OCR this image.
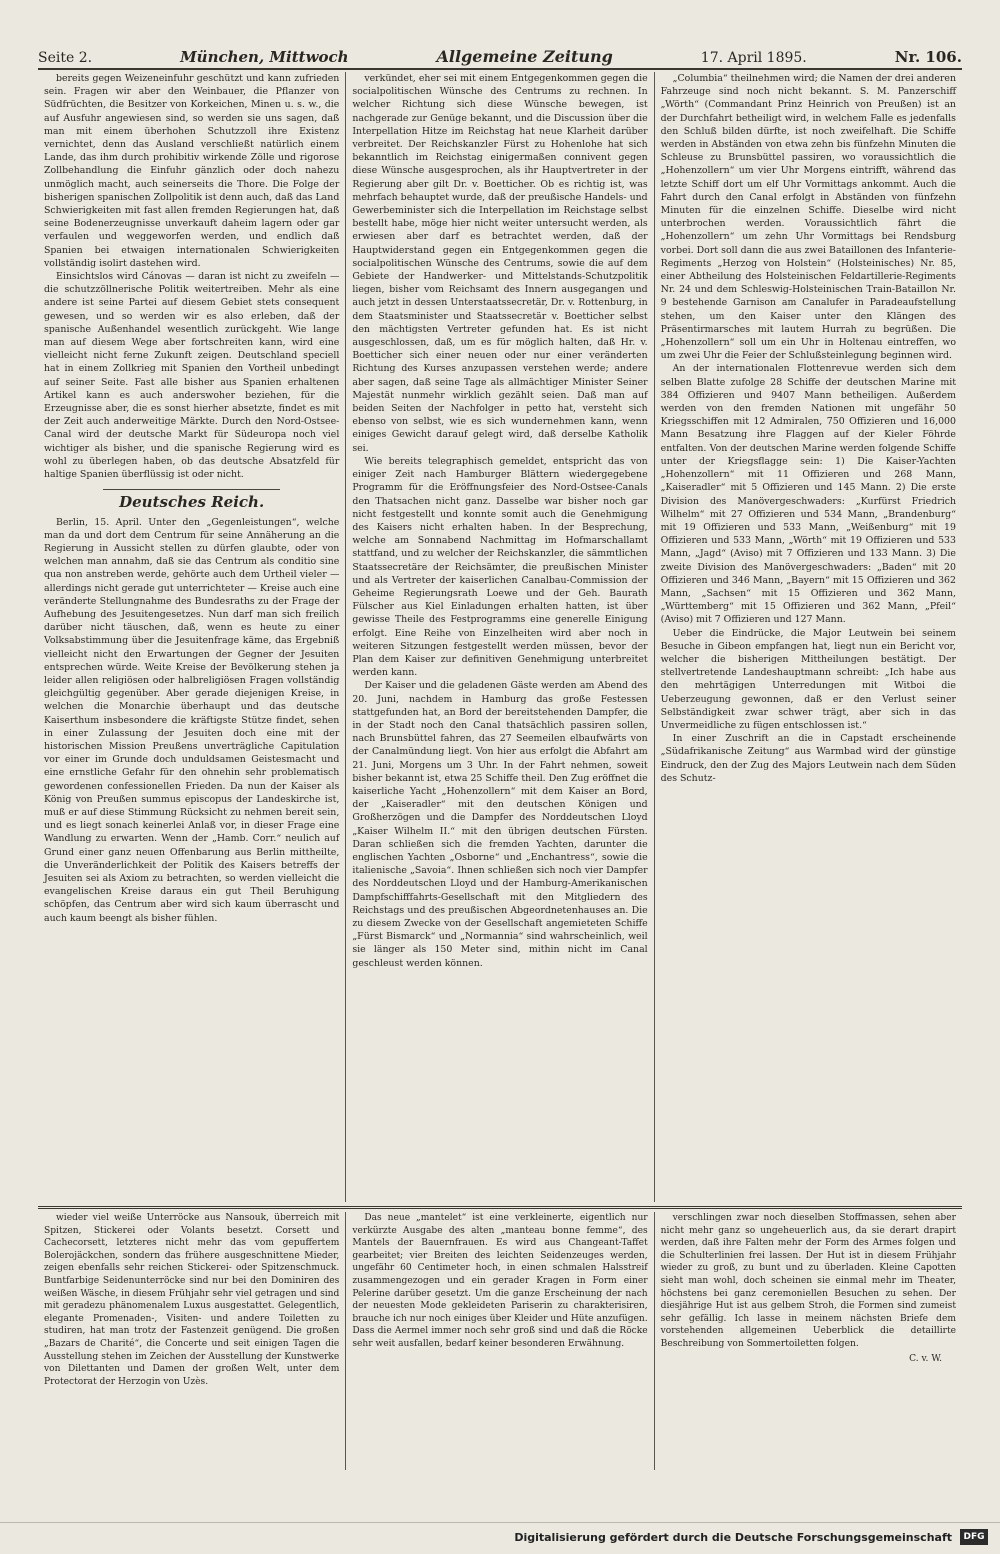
Seite 2.	München, Mittwoch	Allgemeine Zeitung	17. April 1895.	Nr. 106.

bereits gegen Weizeneinfuhr geschützt und kann zufrieden sein. Fragen wir aber den Weinbauer, die Pflanzer von Südfrüchten, die Besitzer von Korkeichen, Minen u. s. w., die auf Ausfuhr angewiesen sind, so werden sie uns sagen, daß man mit einem überhohen Schutzzoll ihre Existenz vernichtet, denn das Ausland verschließt natürlich einem Lande, das ihm durch prohibitiv wirkende Zölle und rigorose Zollbehandlung die Einfuhr gänzlich oder doch nahezu unmöglich macht, auch seinerseits die Thore. Die Folge der bisherigen spanischen Zollpolitik ist denn auch, daß das Land Schwierigkeiten mit fast allen fremden Regierungen hat, daß seine Bodenerzeugnisse unverkauft daheim lagern oder gar verfaulen und weggeworfen werden, und endlich daß Spanien bei etwaigen internationalen Schwierigkeiten vollständig isolirt dastehen wird.

Einsichtslos wird Cánovas — daran ist nicht zu zweifeln — die schutzzöllnerische Politik weitertreiben. Mehr als eine andere ist seine Partei auf diesem Gebiet stets consequent gewesen, und so werden wir es also erleben, daß der spanische Außenhandel wesentlich zurückgeht. Wie lange man auf diesem Wege aber fortschreiten kann, wird eine vielleicht nicht ferne Zukunft zeigen. Deutschland speciell hat in einem Zollkrieg mit Spanien den Vortheil unbedingt auf seiner Seite. Fast alle bisher aus Spanien erhaltenen Artikel kann es auch anderswoher beziehen, für die Erzeugnisse aber, die es sonst hierher absetzte, findet es mit der Zeit auch anderweitige Märkte. Durch den Nord-Ostsee-Canal wird der deutsche Markt für Südeuropa noch viel wichtiger als bisher, und die spanische Regierung wird es wohl zu überlegen haben, ob das deutsche Absatzfeld für haltige Spanien überflüssig ist oder nicht.

Deutsches Reich.

Berlin, 15. April. Unter den „Gegenleistungen“, welche man da und dort dem Centrum für seine Annäherung an die Regierung in Aussicht stellen zu dürfen glaubte, oder von welchen man annahm, daß sie das Centrum als conditio sine qua non anstreben werde, gehörte auch dem Urtheil vieler — allerdings nicht gerade gut unterrichteter — Kreise auch eine veränderte Stellungnahme des Bundesraths zu der Frage der Aufhebung des Jesuitengesetzes. Nun darf man sich freilich darüber nicht täuschen, daß, wenn es heute zu einer Volksabstimmung über die Jesuitenfrage käme, das Ergebniß vielleicht nicht den Erwartungen der Gegner der Jesuiten entsprechen würde. Weite Kreise der Bevölkerung stehen ja leider allen religiösen oder halbreligiösen Fragen vollständig gleichgültig gegenüber. Aber gerade diejenigen Kreise, in welchen die Monarchie überhaupt und das deutsche Kaiserthum insbesondere die kräftigste Stütze findet, sehen in einer Zulassung der Jesuiten doch eine mit der historischen Mission Preußens unverträgliche Capitulation vor einer im Grunde doch unduldsamen Geistesmacht und eine ernstliche Gefahr für den ohnehin sehr problematisch gewordenen confessionellen Frieden. Da nun der Kaiser als König von Preußen summus episcopus der Landeskirche ist, muß er auf diese Stimmung Rücksicht zu nehmen bereit sein, und es liegt sonach keinerlei Anlaß vor, in dieser Frage eine Wandlung zu erwarten. Wenn der „Hamb. Corr.“ neulich auf Grund einer ganz neuen Offenbarung aus Berlin mittheilte, die Unveränderlichkeit der Politik des Kaisers betreffs der Jesuiten sei als Axiom zu betrachten, so werden vielleicht die evangelischen Kreise daraus ein gut Theil Beruhigung schöpfen, das Centrum aber wird sich kaum überrascht und auch kaum beengt als bisher fühlen.

verkündet, eher sei mit einem Entgegenkommen gegen die socialpolitischen Wünsche des Centrums zu rechnen. In welcher Richtung sich diese Wünsche bewegen, ist nachgerade zur Genüge bekannt, und die Discussion über die Interpellation Hitze im Reichstag hat neue Klarheit darüber verbreitet. Der Reichskanzler Fürst zu Hohenlohe hat sich bekanntlich im Reichstag einigermaßen connivent gegen diese Wünsche ausgesprochen, als ihr Hauptvertreter in der Regierung aber gilt Dr. v. Boetticher. Ob es richtig ist, was mehrfach behauptet wurde, daß der preußische Handels- und Gewerbeminister sich die Interpellation im Reichstage selbst bestellt habe, möge hier nicht weiter untersucht werden, als erwiesen aber darf es betrachtet werden, daß der Hauptwiderstand gegen ein Entgegenkommen gegen die socialpolitischen Wünsche des Centrums, sowie die auf dem Gebiete der Handwerker- und Mittelstands-Schutzpolitik liegen, bisher vom Reichsamt des Innern ausgegangen und auch jetzt in dessen Unterstaatssecretär, Dr. v. Rottenburg, in dem Staatsminister und Staatssecretär v. Boetticher selbst den mächtigsten Vertreter gefunden hat. Es ist nicht ausgeschlossen, daß, um es für möglich halten, daß Hr. v. Boetticher sich einer neuen oder nur einer veränderten Richtung des Kurses anzupassen verstehen werde; andere aber sagen, daß seine Tage als allmächtiger Minister Seiner Majestät nunmehr wirklich gezählt seien. Daß man auf beiden Seiten der Nachfolger in petto hat, versteht sich ebenso von selbst, wie es sich wundernehmen kann, wenn einiges Gewicht darauf gelegt wird, daß derselbe Katholik sei.

Wie bereits telegraphisch gemeldet, entspricht das von einiger Zeit nach Hamburger Blättern wiedergegebene Programm für die Eröffnungsfeier des Nord-Ostsee-Canals den Thatsachen nicht ganz. Dasselbe war bisher noch gar nicht festgestellt und konnte somit auch die Genehmigung des Kaisers nicht erhalten haben. In der Besprechung, welche am Sonnabend Nachmittag im Hofmarschallamt stattfand, und zu welcher der Reichskanzler, die sämmtlichen Staatssecretäre der Reichsämter, die preußischen Minister und als Vertreter der kaiserlichen Canalbau-Commission der Geheime Regierungsrath Loewe und der Geh. Baurath Fülscher aus Kiel Einladungen erhalten hatten, ist über gewisse Theile des Festprogramms eine generelle Einigung erfolgt. Eine Reihe von Einzelheiten wird aber noch in weiteren Sitzungen festgestellt werden müssen, bevor der Plan dem Kaiser zur definitiven Genehmigung unterbreitet werden kann.

Der Kaiser und die geladenen Gäste werden am Abend des 20. Juni, nachdem in Hamburg das große Festessen stattgefunden hat, an Bord der bereitstehenden Dampfer, die in der Stadt noch den Canal thatsächlich passiren sollen, nach Brunsbüttel fahren, das 27 Seemeilen elbaufwärts von der Canalmündung liegt. Von hier aus erfolgt die Abfahrt am 21. Juni, Morgens um 3 Uhr. In der Fahrt nehmen, soweit bisher bekannt ist, etwa 25 Schiffe theil. Den Zug eröffnet die kaiserliche Yacht „Hohenzollern“ mit dem Kaiser an Bord, der „Kaiseradler“ mit den deutschen Königen und Großherzögen und die Dampfer des Norddeutschen Lloyd „Kaiser Wilhelm II.“ mit den übrigen deutschen Fürsten. Daran schließen sich die fremden Yachten, darunter die englischen Yachten „Osborne“ und „Enchantress“, sowie die italienische „Savoia“. Ihnen schließen sich noch vier Dampfer des Norddeutschen Lloyd und der Hamburg-Amerikanischen Dampfschifffahrts-Gesellschaft mit den Mitgliedern des Reichstags und des preußischen Abgeordnetenhauses an. Die zu diesem Zwecke von der Gesellschaft angemieteten Schiffe „Fürst Bismarck“ und „Normannia“ sind wahrscheinlich, weil sie länger als 150 Meter sind, mithin nicht im Canal geschleust werden können.

„Columbia“ theilnehmen wird; die Namen der drei anderen Fahrzeuge sind noch nicht bekannt. S. M. Panzerschiff „Wörth“ (Commandant Prinz Heinrich von Preußen) ist an der Durchfahrt betheiligt wird, in welchem Falle es jedenfalls den Schluß bilden dürfte, ist noch zweifelhaft. Die Schiffe werden in Abständen von etwa zehn bis fünfzehn Minuten die Schleuse zu Brunsbüttel passiren, wo voraussichtlich die „Hohenzollern“ um vier Uhr Morgens eintrifft, während das letzte Schiff dort um elf Uhr Vormittags ankommt. Auch die Fahrt durch den Canal erfolgt in Abständen von fünfzehn Minuten für die einzelnen Schiffe. Dieselbe wird nicht unterbrochen werden. Voraussichtlich fährt die „Hohenzollern“ um zehn Uhr Vormittags bei Rendsburg vorbei. Dort soll dann die aus zwei Bataillonen des Infanterie-Regiments „Herzog von Holstein“ (Holsteinisches) Nr. 85, einer Abtheilung des Holsteinischen Feldartillerie-Regiments Nr. 24 und dem Schleswig-Holsteinischen Train-Bataillon Nr. 9 bestehende Garnison am Canalufer in Paradeaufstellung stehen, um den Kaiser unter den Klängen des Präsentirmarsches mit lautem Hurrah zu begrüßen. Die „Hohenzollern“ soll um ein Uhr in Holtenau eintreffen, wo um zwei Uhr die Feier der Schlußsteinlegung beginnen wird.

An der internationalen Flottenrevue werden sich dem selben Blatte zufolge 28 Schiffe der deutschen Marine mit 384 Offizieren und 9407 Mann betheiligen. Außerdem werden von den fremden Nationen mit ungefähr 50 Kriegsschiffen mit 12 Admiralen, 750 Offizieren und 16,000 Mann Besatzung ihre Flaggen auf der Kieler Föhrde entfalten. Von der deutschen Marine werden folgende Schiffe unter der Kriegsflagge sein: 1) Die Kaiser-Yachten „Hohenzollern“ mit 11 Offizieren und 268 Mann, „Kaiseradler“ mit 5 Offizieren und 145 Mann. 2) Die erste Division des Manövergeschwaders: „Kurfürst Friedrich Wilhelm“ mit 27 Offizieren und 534 Mann, „Brandenburg“ mit 19 Offizieren und 533 Mann, „Weißenburg“ mit 19 Offizieren und 533 Mann, „Wörth“ mit 19 Offizieren und 533 Mann, „Jagd“ (Aviso) mit 7 Offizieren und 133 Mann. 3) Die zweite Division des Manövergeschwaders: „Baden“ mit 20 Offizieren und 346 Mann, „Bayern“ mit 15 Offizieren und 362 Mann, „Sachsen“ mit 15 Offizieren und 362 Mann, „Württemberg“ mit 15 Offizieren und 362 Mann, „Pfeil“ (Aviso) mit 7 Offizieren und 127 Mann.

Ueber die Eindrücke, die Major Leutwein bei seinem Besuche in Gibeon empfangen hat, liegt nun ein Bericht vor, welcher die bisherigen Mittheilungen bestätigt. Der stellvertretende Landeshauptmann schreibt: „Ich habe aus den mehrtägigen Unterredungen mit Witboi die Ueberzeugung gewonnen, daß er den Verlust seiner Selbständigkeit zwar schwer trägt, aber sich in das Unvermeidliche zu fügen entschlossen ist.“

In einer Zuschrift an die in Capstadt erscheinende „Südafrikanische Zeitung“ aus Warmbad wird der günstige Eindruck, den der Zug des Majors Leutwein nach dem Süden des Schutz-

wieder viel weiße Unterröcke aus Nansouk, überreich mit Spitzen, Stickerei oder Volants besetzt. Corsett und Cachecorsett, letzteres nicht mehr das vom gepuffertem Bolerojäckchen, sondern das frühere ausgeschnittene Mieder, zeigen ebenfalls sehr reichen Stickerei- oder Spitzenschmuck. Buntfarbige Seidenunterröcke sind nur bei den Dominiren des weißen Wäsche, in diesem Frühjahr sehr viel getragen und sind mit geradezu phänomenalem Luxus ausgestattet. Gelegentlich, elegante Promenaden-, Visiten- und andere Toiletten zu studiren, hat man trotz der Fastenzeit genügend. Die großen „Bazars de Charité“, die Concerte und seit einigen Tagen die Ausstellung stehen im Zeichen der Ausstellung der Kunstwerke von Dilettanten und Damen der großen Welt, unter dem Protectorat der Herzogin von Uzès.

Das neue „mantelet“ ist eine verkleinerte, eigentlich nur verkürzte Ausgabe des alten „manteau bonne femme“, des Mantels der Bauernfrauen. Es wird aus Changeant-Taffet gearbeitet; vier Breiten des leichten Seidenzeuges werden, ungefähr 60 Centimeter hoch, in einen schmalen Halsstreif zusammengezogen und ein gerader Kragen in Form einer Pelerine darüber gesetzt. Um die ganze Erscheinung der nach der neuesten Mode gekleideten Pariserin zu charakterisiren, brauche ich nur noch einiges über Kleider und Hüte anzufügen. Dass die Aermel immer noch sehr groß sind und daß die Röcke sehr weit ausfallen, bedarf keiner besonderen Erwähnung.

verschlingen zwar noch dieselben Stoffmassen, sehen aber nicht mehr ganz so ungeheuerlich aus, da sie derart drapirt werden, daß ihre Falten mehr der Form des Armes folgen und die Schulterlinien frei lassen. Der Hut ist in diesem Frühjahr wieder zu groß, zu bunt und zu überladen. Kleine Capotten sieht man wohl, doch scheinen sie einmal mehr im Theater, höchstens bei ganz ceremoniellen Besuchen zu sehen. Der diesjährige Hut ist aus gelbem Stroh, die Formen sind zumeist sehr gefällig. Ich lasse in meinem nächsten Briefe dem vorstehenden allgemeinen Ueberblick die detaillirte Beschreibung von Sommertoiletten folgen.

C. v. W.
Digitalisierung gefördert durch die Deutsche Forschungsgemeinschaft	DFG
